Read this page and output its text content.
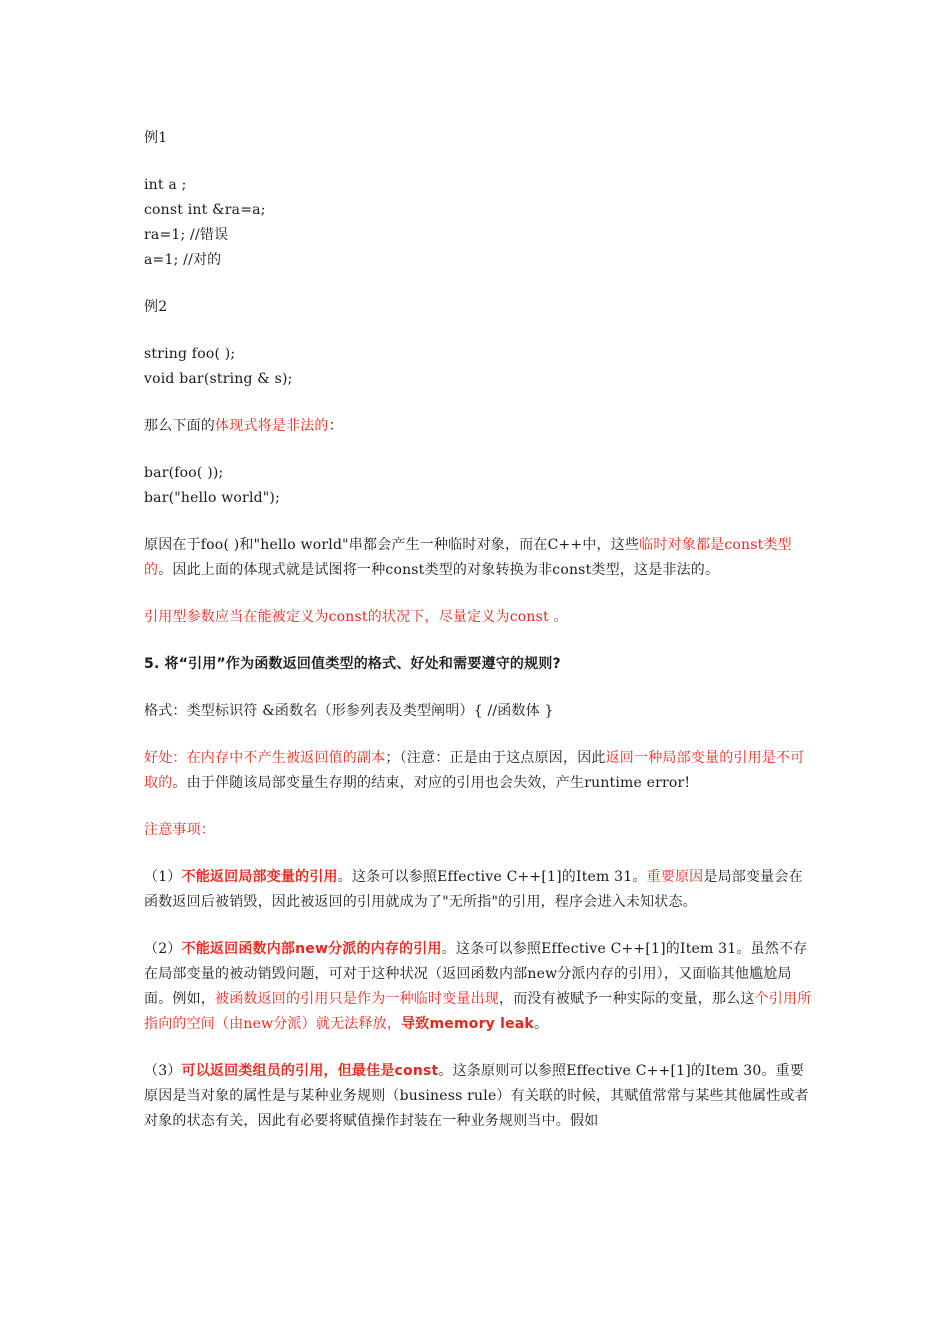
例1

int a ;
const int &ra=a;
ra=1; //错误
a=1; //对的

例2

string foo( );
void bar(string & s);

那么下面的体现式将是非法的：

bar(foo( ));
bar("hello world");

原因在于foo( )和"hello world"串都会产生一种临时对象，而在C++中，这些临时对象都是const类型的。因此上面的体现式就是试图将一种const类型的对象转换为非const类型，这是非法的。

引用型参数应当在能被定义为const的状况下，尽量定义为const 。

5. 将“引用”作为函数返回值类型的格式、好处和需要遵守的规则?

格式：类型标识符 &函数名（形参列表及类型阐明）{ //函数体 }

好处：在内存中不产生被返回值的副本；（注意：正是由于这点原因，因此返回一种局部变量的引用是不可取的。由于伴随该局部变量生存期的结束，对应的引用也会失效，产生runtime error!

注意事项：

（1）不能返回局部变量的引用。这条可以参照Effective C++[1]的Item 31。重要原因是局部变量会在函数返回后被销毁，因此被返回的引用就成为了"无所指"的引用，程序会进入未知状态。

（2）不能返回函数内部new分派的内存的引用。这条可以参照Effective C++[1]的Item 31。虽然不存在局部变量的被动销毁问题，可对于这种状况（返回函数内部new分派内存的引用），又面临其他尴尬局面。例如，被函数返回的引用只是作为一种临时变量出现，而没有被赋予一种实际的变量，那么这个引用所指向的空间（由new分派）就无法释放，导致memory leak。

（3）可以返回类组员的引用，但最佳是const。这条原则可以参照Effective C++[1]的Item 30。重要原因是当对象的属性是与某种业务规则（business rule）有关联的时候，其赋值常常与某些其他属性或者对象的状态有关，因此有必要将赋值操作封装在一种业务规则当中。假如
